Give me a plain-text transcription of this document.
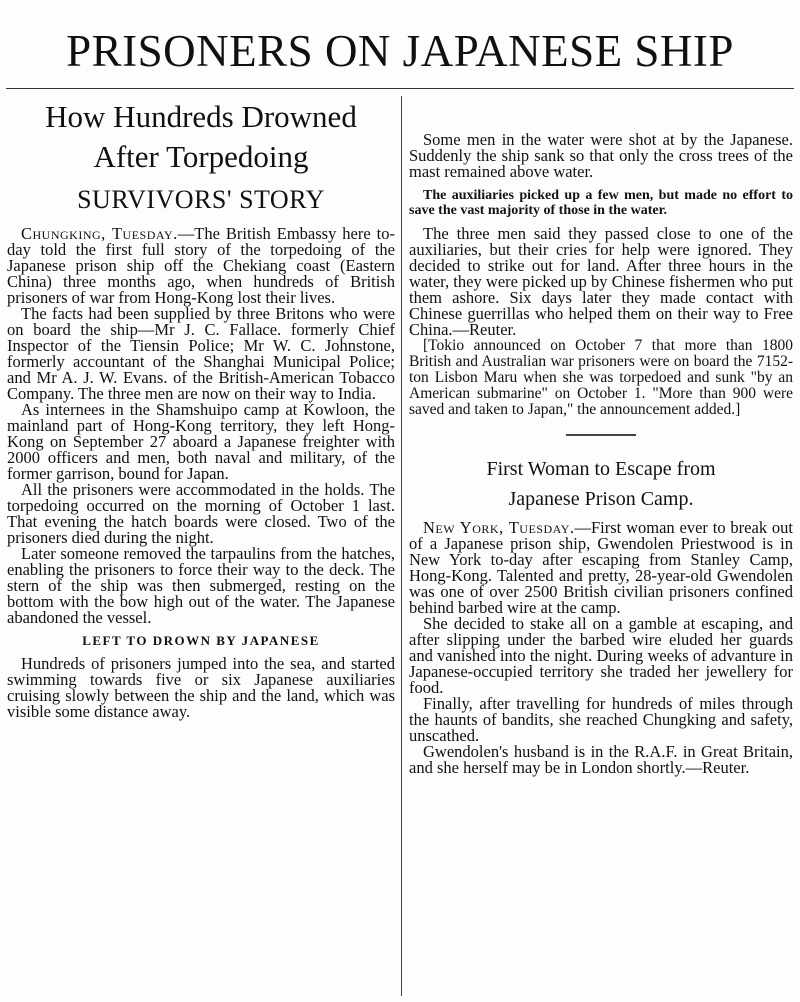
PRISONERS ON JAPANESE SHIP
How Hundreds Drowned
After Torpedoing
SURVIVORS' STORY

Chungking, Tuesday.—The British Embassy here to-day told the first full story of the torpedoing of the Japanese prison ship off the Chekiang coast (Eastern China) three months ago, when hundreds of British prisoners of war from Hong-Kong lost their lives.

The facts had been supplied by three Britons who were on board the ship—Mr J. C. Fallace. formerly Chief Inspector of the Tiensin Police; Mr W. C. Johnstone, formerly accountant of the Shanghai Municipal Police; and Mr A. J. W. Evans. of the British-American Tobacco Company. The three men are now on their way to India.

As internees in the Shamshuipo camp at Kowloon, the mainland part of Hong-Kong territory, they left Hong-Kong on September 27 aboard a Japanese freighter with 2000 officers and men, both naval and military, of the former garrison, bound for Japan.

All the prisoners were accommodated in the holds. The torpedoing occurred on the morning of October 1 last. That evening the hatch boards were closed. Two of the prisoners died during the night.

Later someone removed the tarpaulins from the hatches, enabling the prisoners to force their way to the deck. The stern of the ship was then submerged, resting on the bottom with the bow high out of the water. The Japanese abandoned the vessel.

LEFT TO DROWN BY JAPANESE

Hundreds of prisoners jumped into the sea, and started swimming towards five or six Japanese auxiliaries cruising slowly between the ship and the land, which was visible some distance away.

Some men in the water were shot at by the Japanese. Suddenly the ship sank so that only the cross trees of the mast remained above water.

The auxiliaries picked up a few men, but made no effort to save the vast majority of those in the water.

The three men said they passed close to one of the auxiliaries, but their cries for help were ignored. They decided to strike out for land. After three hours in the water, they were picked up by Chinese fishermen who put them ashore. Six days later they made contact with Chinese guerrillas who helped them on their way to Free China.—Reuter.

[Tokio announced on October 7 that more than 1800 British and Australian war prisoners were on board the 7152-ton Lisbon Maru when she was torpedoed and sunk "by an American submarine" on October 1. "More than 900 were saved and taken to Japan," the announcement added.]

First Woman to Escape from
Japanese Prison Camp.

New York, Tuesday.—First woman ever to break out of a Japanese prison ship, Gwendolen Priestwood is in New York to-day after escaping from Stanley Camp, Hong-Kong. Talented and pretty, 28-year-old Gwendolen was one of over 2500 British civilian prisoners confined behind barbed wire at the camp.

She decided to stake all on a gamble at escaping, and after slipping under the barbed wire eluded her guards and vanished into the night. During weeks of advanture in Japanese-occupied territory she traded her jewellery for food.

Finally, after travelling for hundreds of miles through the haunts of bandits, she reached Chungking and safety, unscathed.

Gwendolen's husband is in the R.A.F. in Great Britain, and she herself may be in London shortly.—Reuter.
